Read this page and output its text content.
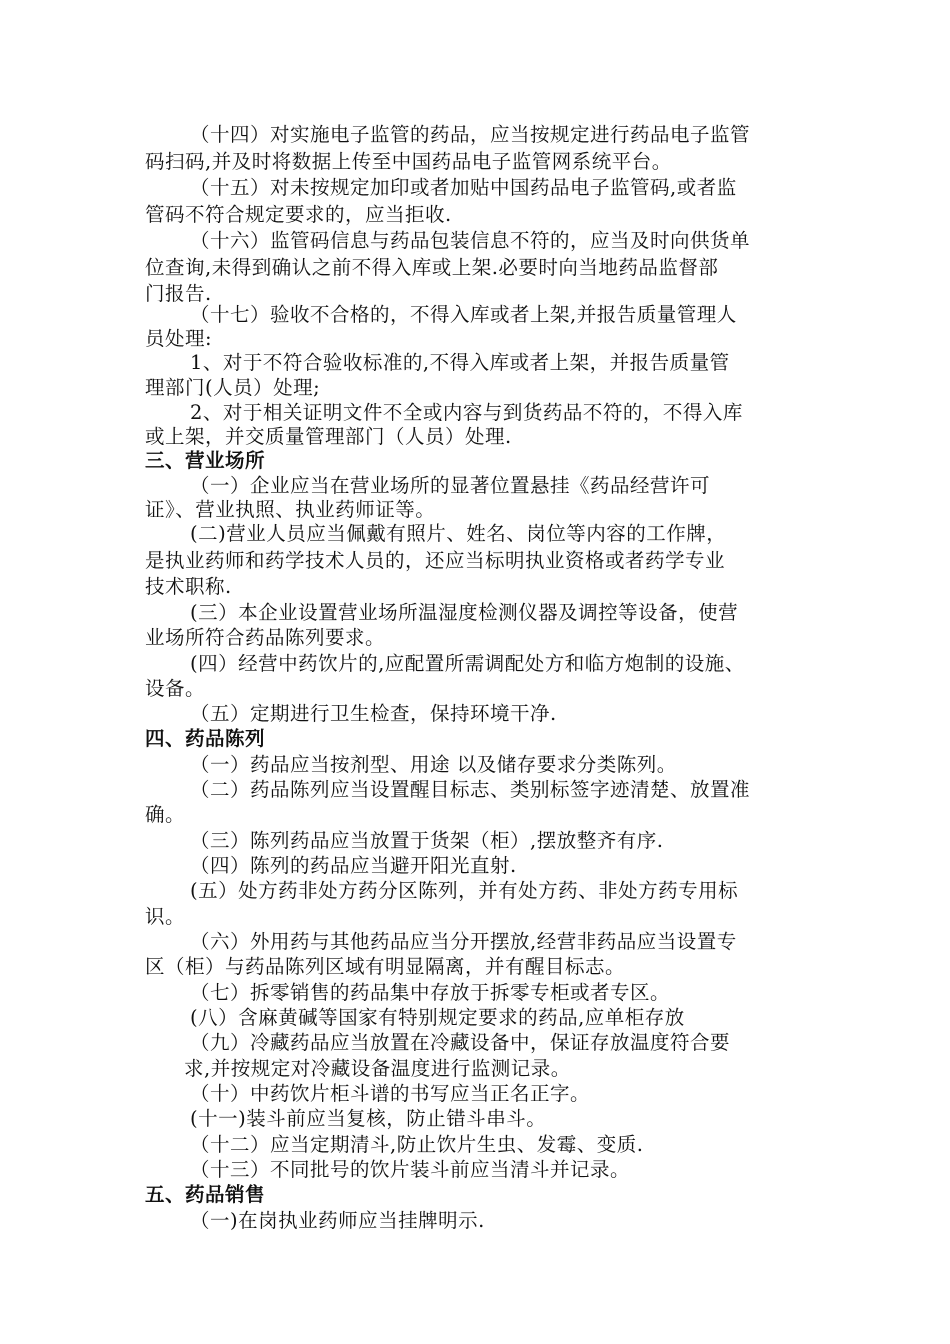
（十四）对实施电子监管的药品，应当按规定进行药品电子监管
码扫码,并及时将数据上传至中国药品电子监管网系统平台。
（十五）对未按规定加印或者加贴中国药品电子监管码,或者监
管码不符合规定要求的，应当拒收.
（十六）监管码信息与药品包装信息不符的，应当及时向供货单
位查询,未得到确认之前不得入库或上架.必要时向当地药品监督部
门报告.
（十七）验收不合格的，不得入库或者上架,并报告质量管理人
员处理:
1、对于不符合验收标准的,不得入库或者上架，并报告质量管
理部门(人员）处理;
2、对于相关证明文件不全或内容与到货药品不符的，不得入库
或上架，并交质量管理部门（人员）处理.
三、营业场所
（一）企业应当在营业场所的显著位置悬挂《药品经营许可
证》、营业执照、执业药师证等。
(二)营业人员应当佩戴有照片、姓名、岗位等内容的工作牌，
是执业药师和药学技术人员的，还应当标明执业资格或者药学专业
技术职称.
(三）本企业设置营业场所温湿度检测仪器及调控等设备，使营
业场所符合药品陈列要求。
(四）经营中药饮片的,应配置所需调配处方和临方炮制的设施、
设备。
（五）定期进行卫生检查，保持环境干净.
四、药品陈列
（一）药品应当按剂型、用途 以及储存要求分类陈列。
（二）药品陈列应当设置醒目标志、类别标签字迹清楚、放置准
确。
（三）陈列药品应当放置于货架（柜）,摆放整齐有序.
（四）陈列的药品应当避开阳光直射.
(五）处方药非处方药分区陈列，并有处方药、非处方药专用标
识。
（六）外用药与其他药品应当分开摆放,经营非药品应当设置专
区（柜）与药品陈列区域有明显隔离，并有醒目标志。
（七）拆零销售的药品集中存放于拆零专柜或者专区。
(八）含麻黄碱等国家有特别规定要求的药品,应单柜存放
（九）冷藏药品应当放置在冷藏设备中，保证存放温度符合要
求,并按规定对冷藏设备温度进行监测记录。
（十）中药饮片柜斗谱的书写应当正名正字。
(十一)装斗前应当复核，防止错斗串斗。
（十二）应当定期清斗,防止饮片生虫、发霉、变质.
（十三）不同批号的饮片装斗前应当清斗并记录。
五、药品销售
（一)在岗执业药师应当挂牌明示.
